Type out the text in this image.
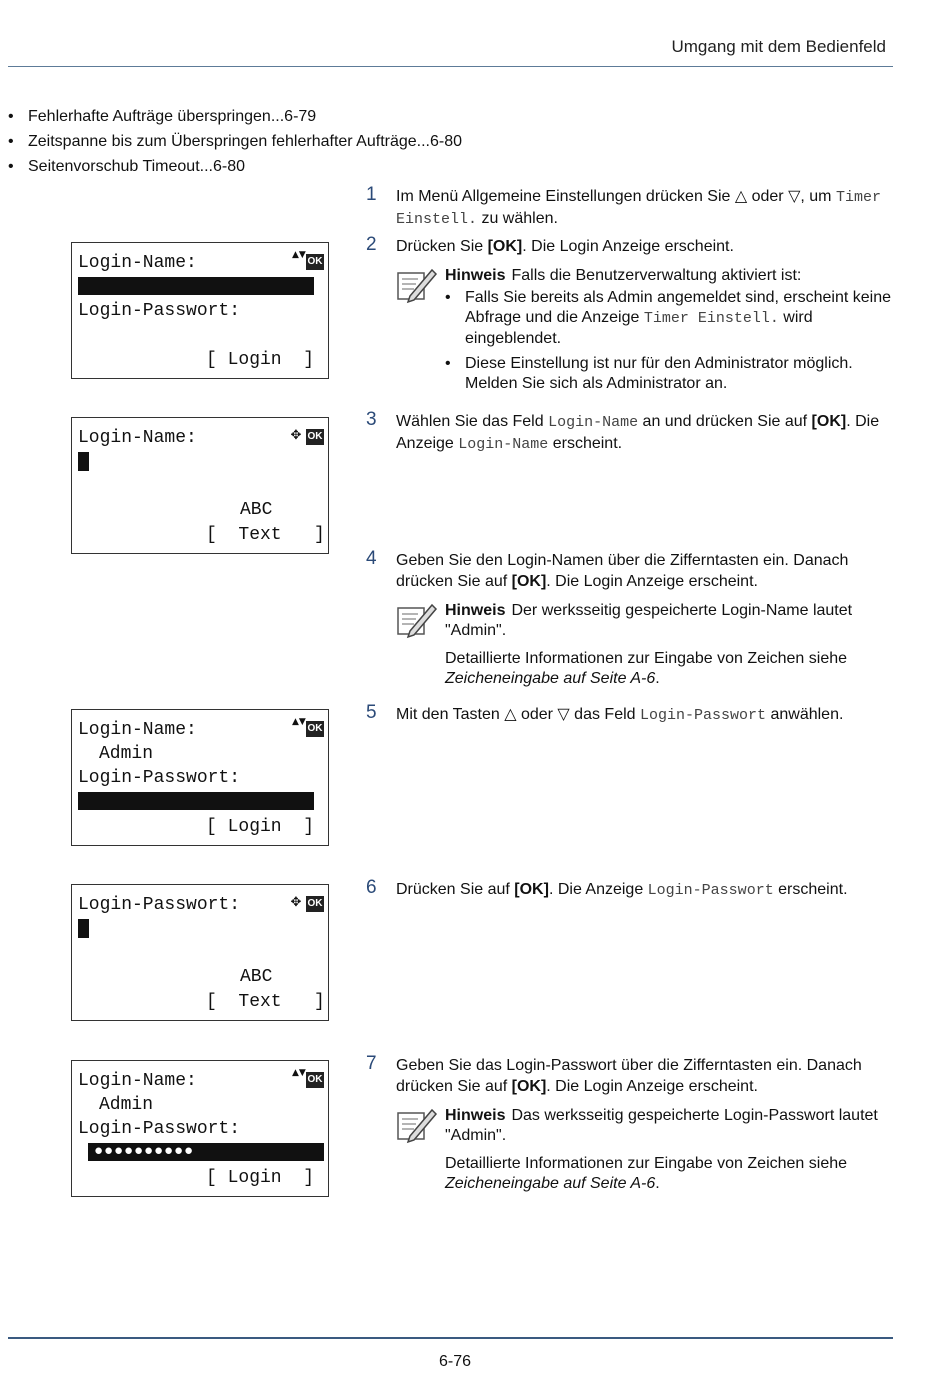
Umgang mit dem Bedienfeld
• Fehlerhafte Aufträge überspringen...6-79
• Zeitspanne bis zum Überspringen fehlerhafter Aufträge...6-80
• Seitenvorschub Timeout...6-80
Login-Name:	▲▼
OK
Login-Passwort:
[ Login  ]
Login-Name:	✥ OK
ABC
[  Text   ]
Login-Name:	▲▼
OK
Admin
Login-Passwort:
[ Login  ]
Login-Passwort:	✥ OK
ABC
[  Text   ]
Login-Name:	▲▼
OK
Admin
Login-Passwort:
●●●●●●●●●●
[ Login  ]
1 Im Menü Allgemeine Einstellungen drücken Sie △ oder ▽, um Timer Einstell. zu wählen.
2 Drücken Sie [OK]. Die Login Anzeige erscheint.
Hinweis Falls die Benutzerverwaltung aktiviert ist:
• Falls Sie bereits als Admin angemeldet sind, erscheint keine Abfrage und die Anzeige Timer Einstell. wird eingeblendet.
• Diese Einstellung ist nur für den Administrator möglich. Melden Sie sich als Administrator an.
3 Wählen Sie das Feld Login-Name an und drücken Sie auf [OK]. Die Anzeige Login-Name erscheint.
4 Geben Sie den Login-Namen über die Zifferntasten ein. Danach drücken Sie auf [OK]. Die Login Anzeige erscheint.
Hinweis Der werksseitig gespeicherte Login-Name lautet "Admin".

Detaillierte Informationen zur Eingabe von Zeichen siehe Zeicheneingabe auf Seite A-6.

5 Mit den Tasten △ oder ▽ das Feld Login-Passwort anwählen.
6 Drücken Sie auf [OK]. Die Anzeige Login-Passwort erscheint.
7 Geben Sie das Login-Passwort über die Zifferntasten ein. Danach drücken Sie auf [OK]. Die Login Anzeige erscheint.
Hinweis Das werksseitig gespeicherte Login-Passwort lautet "Admin".

Detaillierte Informationen zur Eingabe von Zeichen siehe Zeicheneingabe auf Seite A-6.

6-76
